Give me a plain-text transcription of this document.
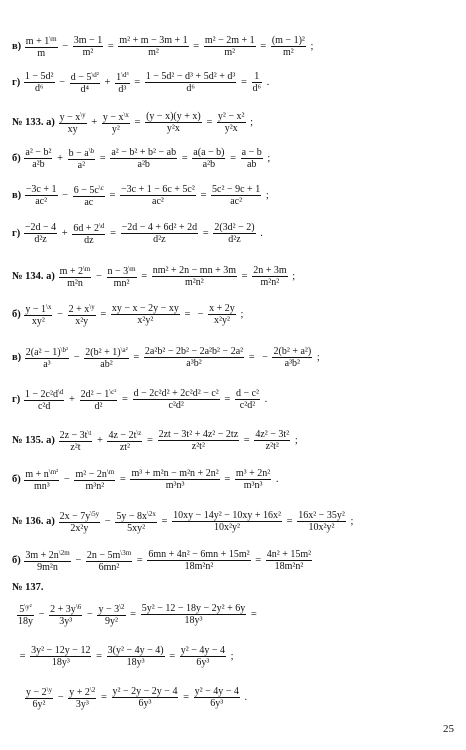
$в) \frac{m + 1^{\backslash m}}{m} - \frac{3m - 1}{\text{m²}} = \frac{\text{m² + m − 3m + 1}}{\text{m²}} = \frac{\text{m² − 2m + 1}}{\text{m²}} = \frac{\text{(m − 1)²}}{\text{m²}}$ ;
$г) \frac{\text{1 − 5d²}}{\text{d⁶}} - \frac{d - 5^{\backslash d^2}}{\text{d⁴}} + \frac{1^{\backslash d^3}}{\text{d³}} = \frac{\text{1 − 5d² − d³ + 5d² + d³}}{\text{d⁶}} = \frac{1}{\text{d⁶}}$ .
№ 133. $а) \frac{y - x^{\backslash y}}{xy} + \frac{y - x^{\backslash x}}{\text{y²}} = \frac{(y - x)(y + x)}{\text{y²x}} = \frac{\text{y² − x²}}{\text{y²x}}$ ;
$б) \frac{\text{a² − b²}}{\text{a²b}} + \frac{b - a^{\backslash b}}{\text{a²}} = \frac{\text{a² − b² + b² − ab}}{\text{a²b}} = \frac{a(a - b)}{\text{a²b}} = \frac{a - b}{ab}$ ;
$в) \frac{-3c + 1}{\text{ac²}} - \frac{6 - 5c^{\backslash c}}{ac} = \frac{\text{−3c + 1 − 6c + 5c²}}{\text{ac²}} = \frac{\text{5c² − 9c + 1}}{\text{ac²}}$ ;
$г) \frac{-2d - 4}{\text{d²z}} + \frac{6d + 2^{\backslash d}}{dz} = \frac{\text{−2d − 4 + 6d² + 2d}}{\text{d²z}} = \frac{\text{2(3d² − 2)}}{\text{d²z}}$ .
№ 134. $а) \frac{m + 2^{\backslash m}}{\text{m²n}} - \frac{n - 3^{\backslash m}}{\text{mn²}} = \frac{\text{nm² + 2n − mn + 3m}}{\text{m²n²}} = \frac{2n + 3m}{\text{m²n²}}$ ;
$б) \frac{y - 1^{\backslash x}}{\text{xy²}} - \frac{2 + x^{\backslash y}}{\text{x²y}} = \frac{xy - x - 2y - xy}{\text{x²y²}}$ = − $\frac{x + 2y}{\text{x²y²}}$ ;
$в) \frac{2(a^2 - 1)^{\backslash b^2}}{\text{a³}} - \frac{2(b^2 + 1)^{\backslash a^2}}{\text{ab²}} = \frac{\text{2a²b² − 2b² − 2a²b² − 2a²}}{\text{a³b²}}$ = − $\frac{\text{2(b² + a²)}}{\text{a³b²}}$ ;
$г) \frac{1 - 2c^2d^{\backslash d}}{\text{c²d}} + \frac{2d^2 - 1^{\backslash c^2}}{\text{d²}} = \frac{\text{d − 2c²d² + 2c²d² − c²}}{\text{c²d²}} = \frac{\text{d − c²}}{\text{c²d²}}$ .
№ 135. $а) \frac{2z - 3t^{\backslash t}}{\text{z²t}} + \frac{4z - 2t^{\backslash z}}{\text{zt²}} = \frac{\text{2zt − 3t² + 4z² − 2tz}}{\text{z²t²}} = \frac{\text{4z² − 3t²}}{\text{z²t²}}$ ;
$б) \frac{m + n^{\backslash m^2}}{\text{mn³}} - \frac{m^2 - 2n^{\backslash m}}{\text{m³n²}} = \frac{\text{m³ + m²n − m²n + 2n²}}{\text{m³n³}} = \frac{\text{m³ + 2n²}}{\text{m³n³}}$ .
№ 136. $а) \frac{2x - 7y^{\backslash 5y}}{\text{2x²y}} - \frac{5y - 8x^{\backslash 2x}}{\text{5xy²}} = \frac{\text{10xy − 14y² − 10xy + 16x²}}{\text{10x²y²}} = \frac{\text{16x² − 35y²}}{\text{10x²y²}}$ ;
$б) \frac{3m + 2n^{\backslash 2m}}{\text{9m²n}} - \frac{2n - 5m^{\backslash 3m}}{\text{6mn²}} = \frac{\text{6mn + 4n² − 6mn + 15m²}}{\text{18m²n²}} = \frac{\text{4n² + 15m²}}{\text{18m²n²}}$
№ 137.
$\frac{5^{\backslash y^2}}{18y} - \frac{2 + 3y^{\backslash 6}}{\text{3y³}} - \frac{y - 3^{\backslash 2}}{\text{9y²}} = \frac{\text{5y² − 12 − 18y − 2y² + 6y}}{\text{18y³}}$ =
= $\frac{\text{3y² − 12y − 12}}{\text{18y³}} = \frac{\text{3(y² − 4y − 4)}}{\text{18y³}} = \frac{\text{y² − 4y − 4}}{\text{6y³}}$ ;
$\frac{y - 2^{\backslash y}}{\text{6y²}} - \frac{y + 2^{\backslash 2}}{\text{3y³}} = \frac{\text{y² − 2y − 2y − 4}}{\text{6y³}} = \frac{\text{y² − 4y − 4}}{\text{6y³}}$ .
25
